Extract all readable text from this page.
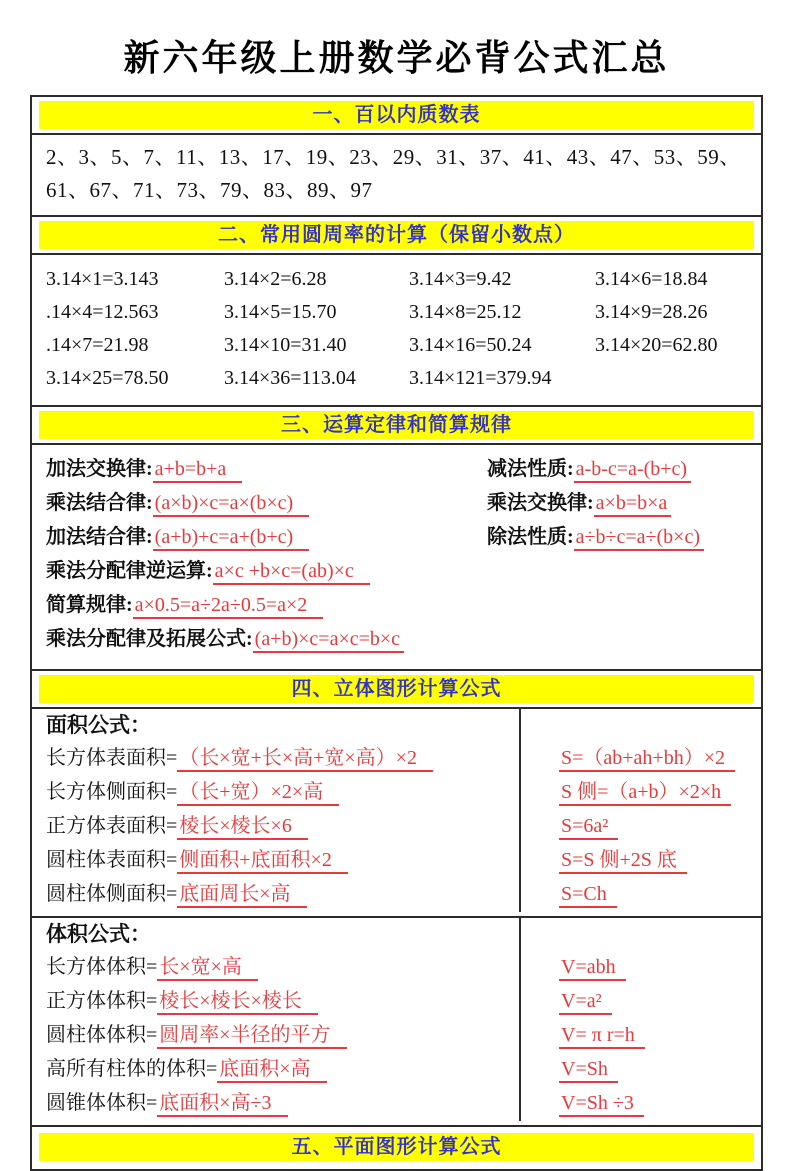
新六年级上册数学必背公式汇总
一、百以内质数表
2、3、5、7、11、13、17、19、23、29、31、37、41、43、47、53、59、61、67、71、73、79、83、89、97
二、常用圆周率的计算（保留小数点）
3.14×1=3.143	3.14×2=6.28	3.14×3=9.42	3.14×6=18.84
.14×4=12.563	3.14×5=15.70	3.14×8=25.12	3.14×9=28.26
.14×7=21.98	3.14×10=31.40	3.14×16=50.24	3.14×20=62.80
3.14×25=78.50	3.14×36=113.04	3.14×121=379.94
三、运算定律和简算规律
加法交换律: a+b=b+a	减法性质: a-b-c=a-(b+c)
乘法结合律: (a×b)×c=a×(b×c)	乘法交换律: a×b=b×a
加法结合律: (a+b)+c=a+(b+c)	除法性质: a÷b÷c=a÷(b×c)
乘法分配律逆运算: a×c +b×c=(ab)×c
简算规律: a×0.5=a÷2a÷0.5=a×2
乘法分配律及拓展公式: (a+b)×c=a×c=b×c
四、立体图形计算公式
面积公式：
长方体表面积= （长×宽+长×高+宽×高）×2	S=（ab+ah+bh）×2
长方体侧面积= （长+宽）×2×高	S 侧=（a+b）×2×h
正方体表面积= 棱长×棱长×6	S=6a²
圆柱体表面积= 侧面积+底面积×2	S=S 侧+2S 底
圆柱体侧面积= 底面周长×高	S=Ch
体积公式：
长方体体积= 长×宽×高	V=abh
正方体体积= 棱长×棱长×棱长	V=a²
圆柱体体积= 圆周率×半径的平方	V= π r=h
高所有柱体的体积= 底面积×高	V=Sh
圆锥体体积= 底面积×高÷3	V=Sh ÷3
五、平面图形计算公式
